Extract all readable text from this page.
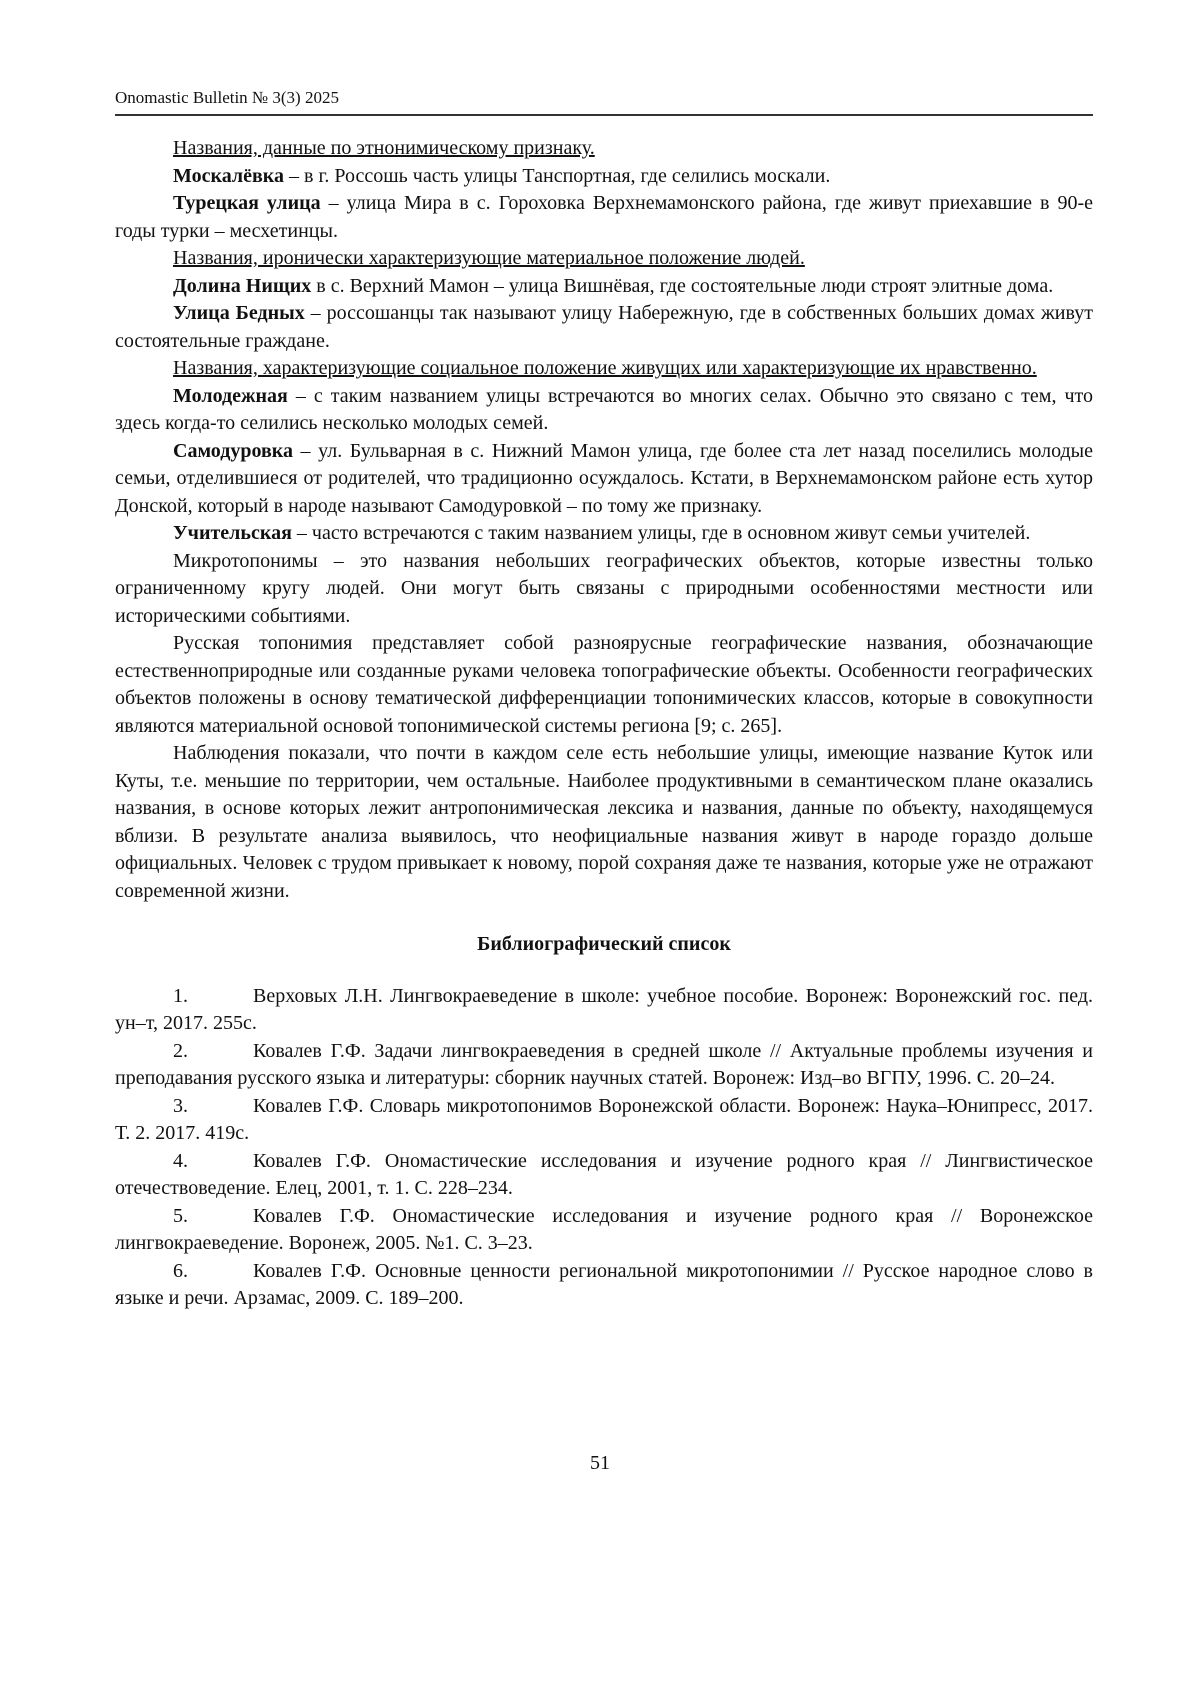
Onomastic Bulletin № 3(3) 2025

Названия, данные по этнонимическому признаку.

Москалёвка – в г. Россошь часть улицы Танспортная, где селились москали.

Турецкая улица – улица Мира в с. Гороховка Верхнемамонского района, где живут приехавшие в 90-е годы турки – месхетинцы.

Названия, иронически характеризующие материальное положение людей.

Долина Нищих в с. Верхний Мамон – улица Вишнёвая, где состоятельные люди строят элитные дома.

Улица Бедных – россошанцы так называют улицу Набережную, где в собственных больших домах живут состоятельные граждане.

Названия, характеризующие социальное положение живущих или характеризующие их нравственно.

Молодежная – с таким названием улицы встречаются во многих селах. Обычно это связано с тем, что здесь когда-то селились несколько молодых семей.

Самодуровка – ул. Бульварная в с. Нижний Мамон улица, где более ста лет назад поселились молодые семьи, отделившиеся от родителей, что традиционно осуждалось. Кстати, в Верхнемамонском районе есть хутор Донской, который в народе называют Самодуровкой – по тому же признаку.

Учительская – часто встречаются с таким названием улицы, где в основном живут семьи учителей.

Микротопонимы – это названия небольших географических объектов, которые известны только ограниченному кругу людей. Они могут быть связаны с природными особенностями местности или историческими событиями.

Русская топонимия представляет собой разноярусные географические названия, обозначающие естественноприродные или созданные руками человека топографические объекты. Особенности географических объектов положены в основу тематической дифференциации топонимических классов, которые в совокупности являются материальной основой топонимической системы региона [9; с. 265].

Наблюдения показали, что почти в каждом селе есть небольшие улицы, имеющие название Куток или Куты, т.е. меньшие по территории, чем остальные. Наиболее продуктивными в семантическом плане оказались названия, в основе которых лежит антропонимическая лексика и названия, данные по объекту, находящемуся вблизи. В результате анализа выявилось, что неофициальные названия живут в народе гораздо дольше официальных. Человек с трудом привыкает к новому, порой сохраняя даже те названия, которые уже не отражают современной жизни.

Библиографический список

1.	Верховых Л.Н. Лингвокраеведение в школе: учебное пособие. Воронеж: Воронежский гос. пед. ун–т, 2017. 255с.

2.	Ковалев Г.Ф. Задачи лингвокраеведения в средней школе // Актуальные проблемы изучения и преподавания русского языка и литературы: сборник научных статей. Воронеж: Изд–во ВГПУ, 1996. С. 20–24.

3.	Ковалев Г.Ф. Словарь микротопонимов Воронежской области. Воронеж: Наука–Юнипресс, 2017. Т. 2. 2017. 419с.

4.	Ковалев Г.Ф. Ономастические исследования и изучение родного края // Лингвистическое отечествоведение. Елец, 2001, т. 1. С. 228–234.

5.	Ковалев Г.Ф. Ономастические исследования и изучение родного края // Воронежское лингвокраеведение. Воронеж, 2005. №1. С. 3–23.

6.	Ковалев Г.Ф. Основные ценности региональной микротопонимии // Русское народное слово в языке и речи. Арзамас, 2009. С. 189–200.

51
